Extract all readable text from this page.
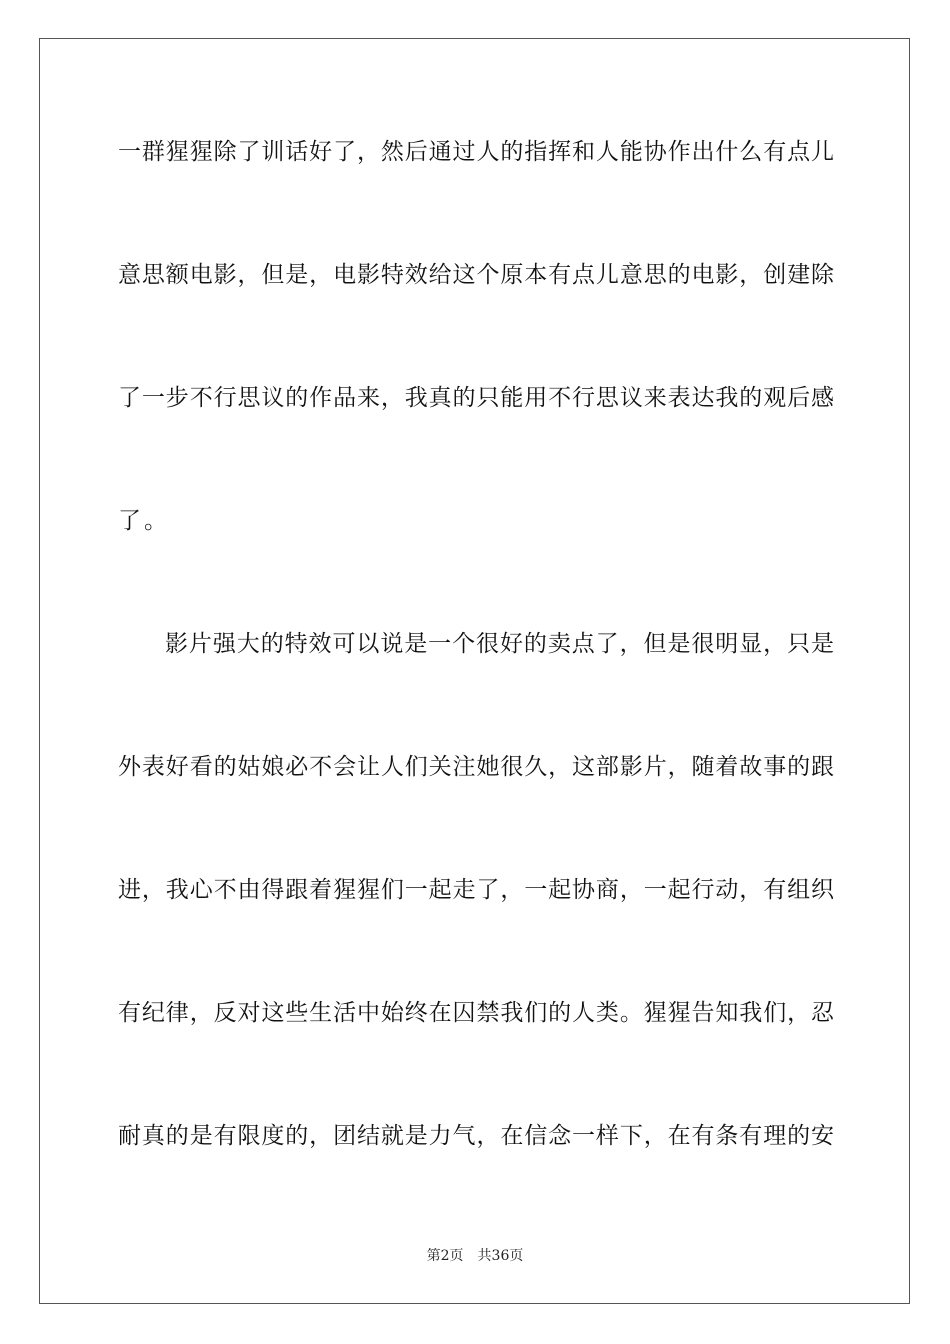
一群猩猩除了训话好了，然后通过人的指挥和人能协作出什么有点儿
意思额电影，但是，电影特效给这个原本有点儿意思的电影，创建除
了一步不行思议的作品来，我真的只能用不行思议来表达我的观后感
了。
影片强大的特效可以说是一个很好的卖点了，但是很明显，只是
外表好看的姑娘必不会让人们关注她很久，这部影片，随着故事的跟
进，我心不由得跟着猩猩们一起走了，一起协商，一起行动，有组织
有纪律，反对这些生活中始终在囚禁我们的人类。猩猩告知我们，忍
耐真的是有限度的，团结就是力气，在信念一样下，在有条有理的安
第2页 共36页
